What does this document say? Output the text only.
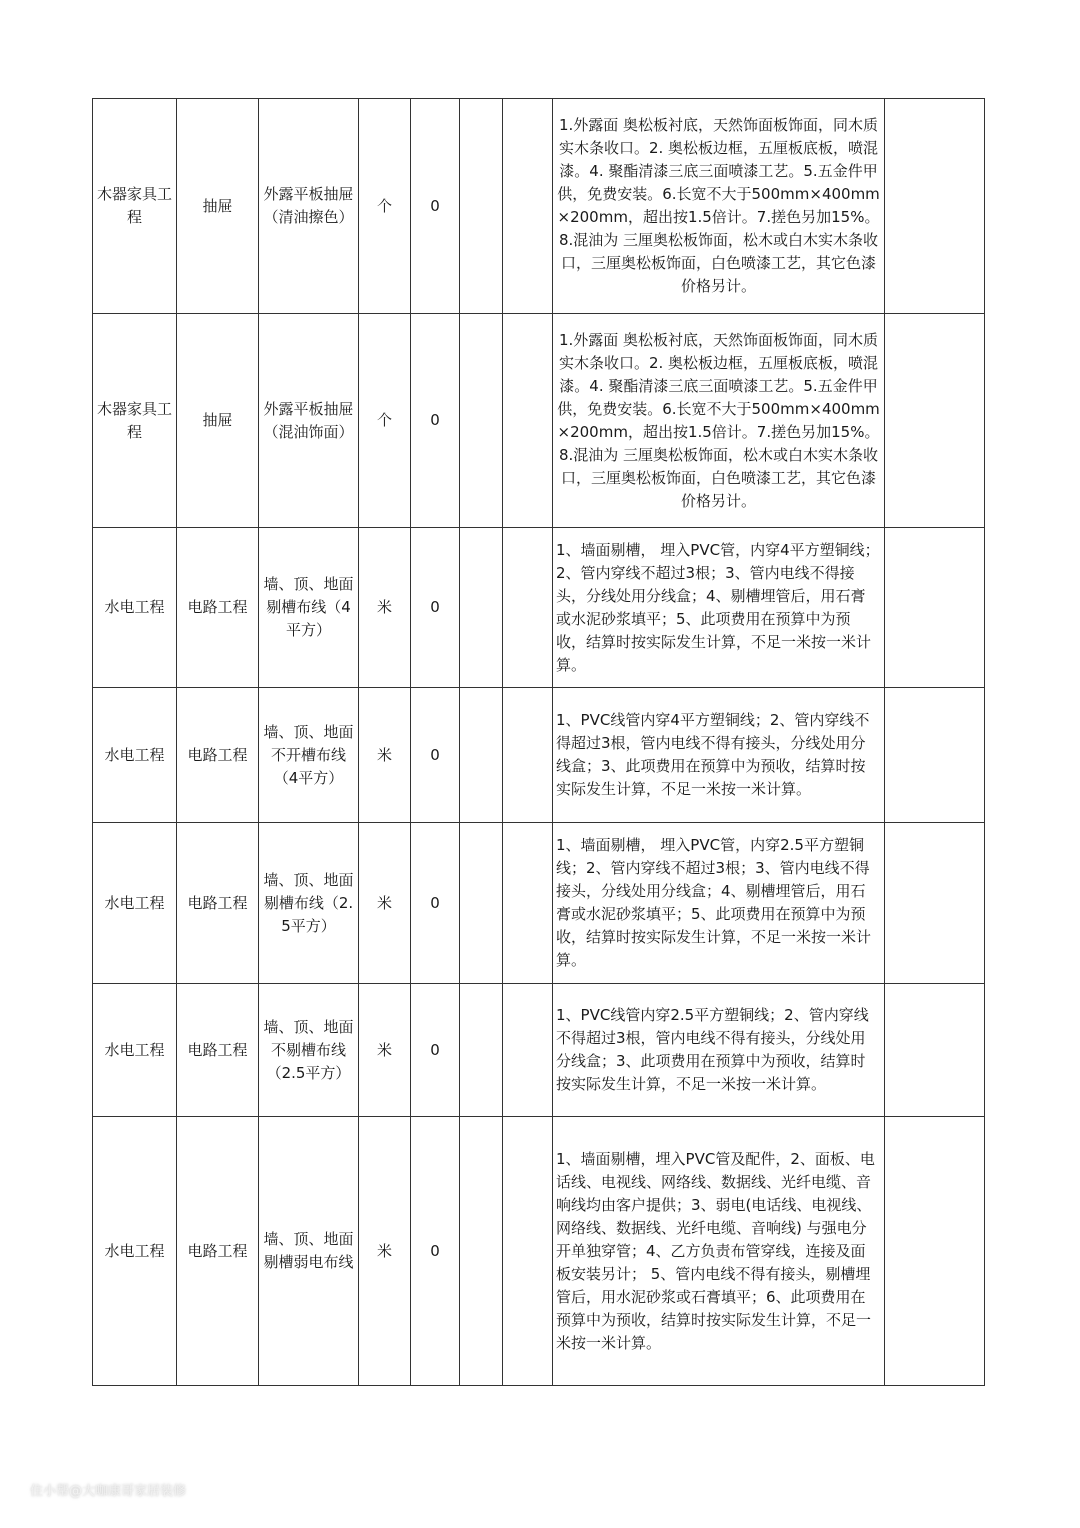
木器家具工程	抽屉	外露平板抽屉（清油擦色）	个	0			1.外露面 奥松板衬底，天然饰面板饰面，同木质实木条收口。2. 奥松板边框，五厘板底板，喷混漆。4. 聚酯清漆三底三面喷漆工艺。5.五金件甲供，免费安装。6.长宽不大于500mm×400mm×200mm，超出按1.5倍计。7.搓色另加15%。8.混油为 三厘奥松板饰面，松木或白木实木条收口，三厘奥松板饰面，白色喷漆工艺，其它色漆价格另计。	
木器家具工程	抽屉	外露平板抽屉（混油饰面）	个	0			1.外露面 奥松板衬底，天然饰面板饰面，同木质实木条收口。2. 奥松板边框，五厘板底板，喷混漆。4. 聚酯清漆三底三面喷漆工艺。5.五金件甲供，免费安装。6.长宽不大于500mm×400mm×200mm，超出按1.5倍计。7.搓色另加15%。8.混油为 三厘奥松板饰面，松木或白木实木条收口，三厘奥松板饰面，白色喷漆工艺，其它色漆价格另计。	
水电工程	电路工程	墙、顶、地面剔槽布线（4平方）	米	0			1、墙面剔槽， 埋入PVC管，内穿4平方塑铜线；2、管内穿线不超过3根；3、管内电线不得接头，分线处用分线盒；4、剔槽埋管后，用石膏或水泥砂浆填平；5、此项费用在预算中为预收，结算时按实际发生计算，不足一米按一米计算。	
水电工程	电路工程	墙、顶、地面不开槽布线（4平方）	米	0			1、PVC线管内穿4平方塑铜线；2、管内穿线不得超过3根，管内电线不得有接头，分线处用分线盒；3、此项费用在预算中为预收，结算时按实际发生计算，不足一米按一米计算。	
水电工程	电路工程	墙、顶、地面剔槽布线（2.5平方）	米	0			1、墙面剔槽， 埋入PVC管，内穿2.5平方塑铜线；2、管内穿线不超过3根；3、管内电线不得接头，分线处用分线盒；4、剔槽埋管后，用石膏或水泥砂浆填平；5、此项费用在预算中为预收，结算时按实际发生计算，不足一米按一米计算。	
水电工程	电路工程	墙、顶、地面不剔槽布线（2.5平方）	米	0			1、PVC线管内穿2.5平方塑铜线；2、管内穿线不得超过3根，管内电线不得有接头，分线处用分线盒；3、此项费用在预算中为预收，结算时按实际发生计算，不足一米按一米计算。	
水电工程	电路工程	墙、顶、地面剔槽弱电布线	米	0			1、墙面剔槽，埋入PVC管及配件，2、面板、电话线、电视线、网络线、数据线、光纤电缆、音响线均由客户提供；3、弱电(电话线、电视线、网络线、数据线、光纤电缆、音响线) 与强电分开单独穿管；4、乙方负责布管穿线，连接及面板安装另计； 5、管内电线不得有接头，剔槽埋管后，用水泥砂浆或石膏填平；6、此项费用在预算中为预收，结算时按实际发生计算，不足一米按一米计算。	
住小帮@大咖康哥家居装修
